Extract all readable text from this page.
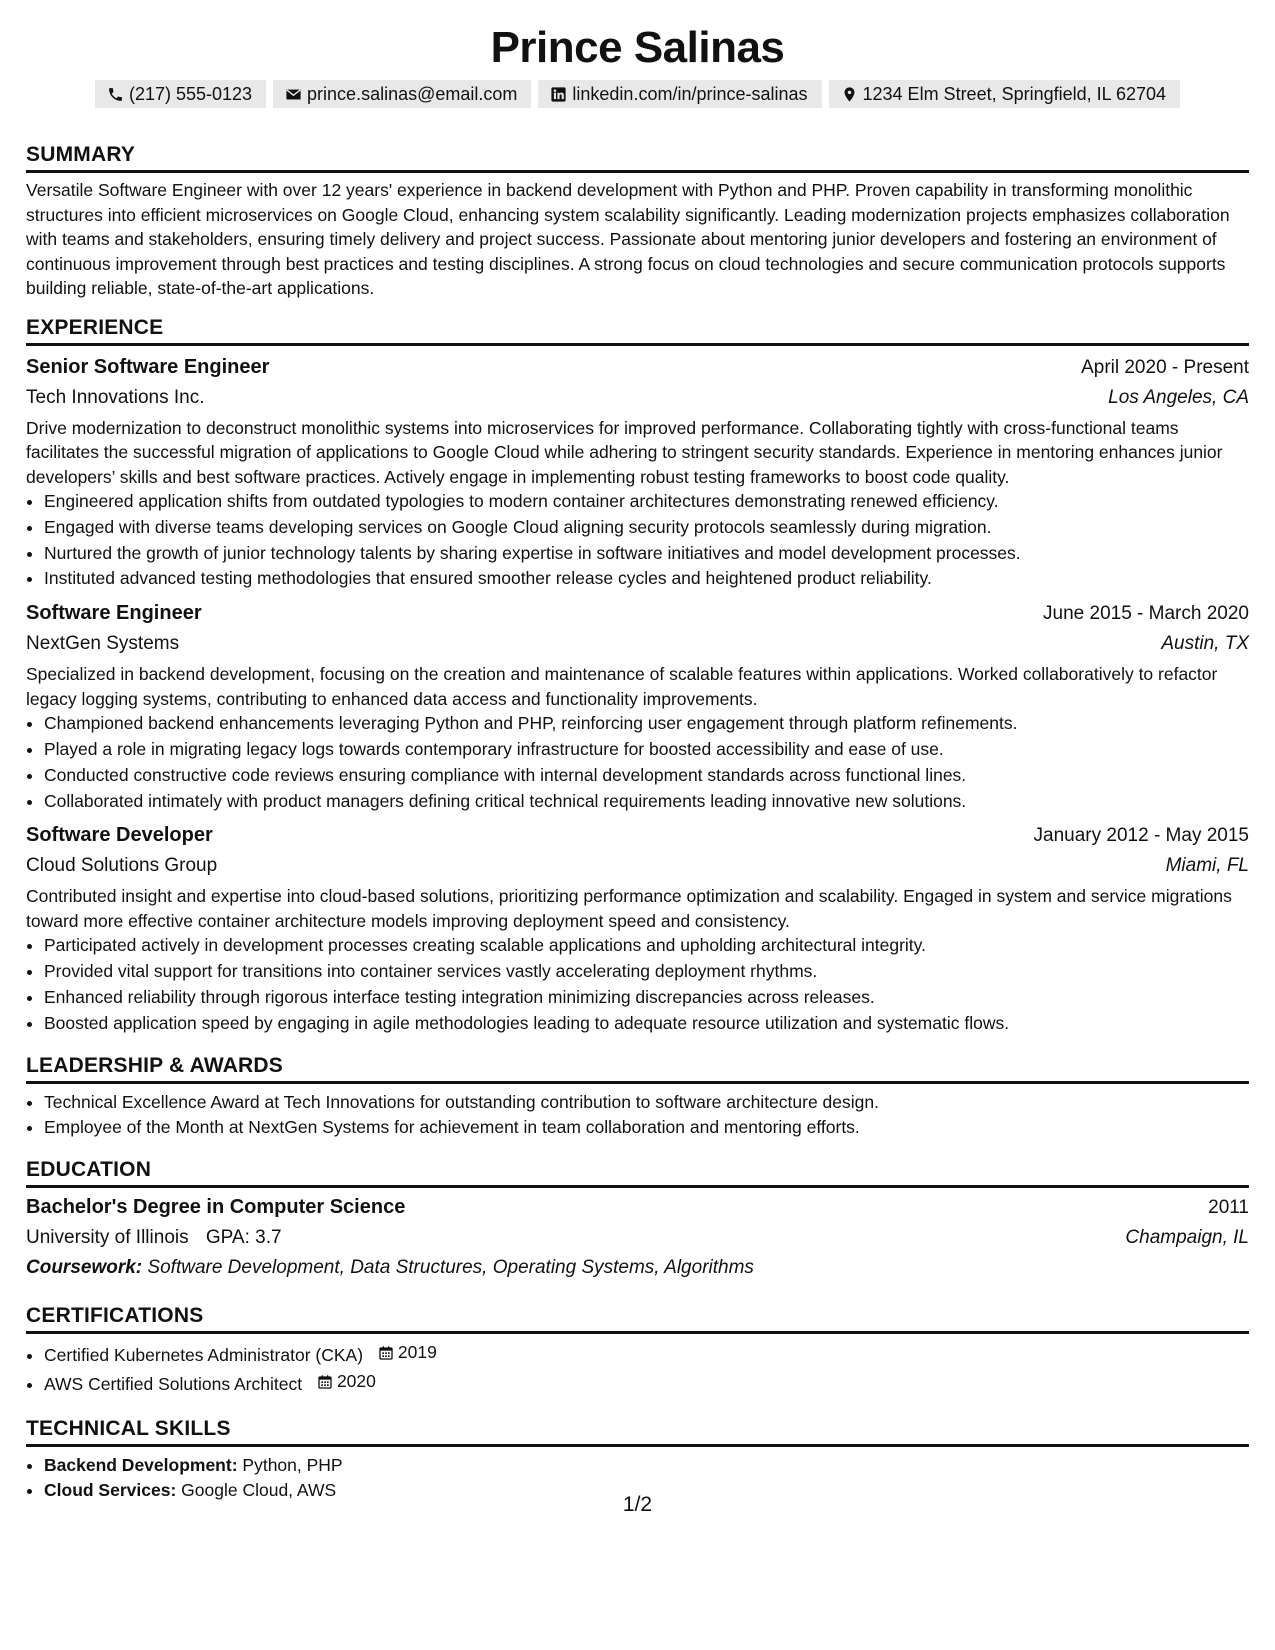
Prince Salinas
(217) 555-0123	prince.salinas@email.com	linkedin.com/in/prince-salinas	1234 Elm Street, Springfield, IL 62704
SUMMARY

Versatile Software Engineer with over 12 years' experience in backend development with Python and PHP. Proven capability in transforming monolithic structures into efficient microservices on Google Cloud, enhancing system scalability significantly. Leading modernization projects emphasizes collaboration with teams and stakeholders, ensuring timely delivery and project success. Passionate about mentoring junior developers and fostering an environment of continuous improvement through best practices and testing disciplines. A strong focus on cloud technologies and secure communication protocols supports building reliable, state-of-the-art applications.

EXPERIENCE
Senior Software Engineer	April 2020 - Present
Tech Innovations Inc.	Los Angeles, CA

Drive modernization to deconstruct monolithic systems into microservices for improved performance. Collaborating tightly with cross-functional teams facilitates the successful migration of applications to Google Cloud while adhering to stringent security standards. Experience in mentoring enhances junior developers’ skills and best software practices. Actively engage in implementing robust testing frameworks to boost code quality.

• Engineered application shifts from outdated typologies to modern container architectures demonstrating renewed efficiency.
• Engaged with diverse teams developing services on Google Cloud aligning security protocols seamlessly during migration.
• Nurtured the growth of junior technology talents by sharing expertise in software initiatives and model development processes.
• Instituted advanced testing methodologies that ensured smoother release cycles and heightened product reliability.
Software Engineer	June 2015 - March 2020
NextGen Systems	Austin, TX

Specialized in backend development, focusing on the creation and maintenance of scalable features within applications. Worked collaboratively to refactor legacy logging systems, contributing to enhanced data access and functionality improvements.

• Championed backend enhancements leveraging Python and PHP, reinforcing user engagement through platform refinements.
• Played a role in migrating legacy logs towards contemporary infrastructure for boosted accessibility and ease of use.
• Conducted constructive code reviews ensuring compliance with internal development standards across functional lines.
• Collaborated intimately with product managers defining critical technical requirements leading innovative new solutions.
Software Developer	January 2012 - May 2015
Cloud Solutions Group	Miami, FL

Contributed insight and expertise into cloud-based solutions, prioritizing performance optimization and scalability. Engaged in system and service migrations toward more effective container architecture models improving deployment speed and consistency.

• Participated actively in development processes creating scalable applications and upholding architectural integrity.
• Provided vital support for transitions into container services vastly accelerating deployment rhythms.
• Enhanced reliability through rigorous interface testing integration minimizing discrepancies across releases.
• Boosted application speed by engaging in agile methodologies leading to adequate resource utilization and systematic flows.
LEADERSHIP & AWARDS
• Technical Excellence Award at Tech Innovations for outstanding contribution to software architecture design.
• Employee of the Month at NextGen Systems for achievement in team collaboration and mentoring efforts.
EDUCATION
Bachelor's Degree in Computer Science	2011
University of Illinois GPA: 3.7	Champaign, IL
Coursework: Software Development, Data Structures, Operating Systems, Algorithms
CERTIFICATIONS
• Certified Kubernetes Administrator (CKA) 2019
• AWS Certified Solutions Architect 2020
TECHNICAL SKILLS
• Backend Development: Python, PHP
• Cloud Services: Google Cloud, AWS
1/2
